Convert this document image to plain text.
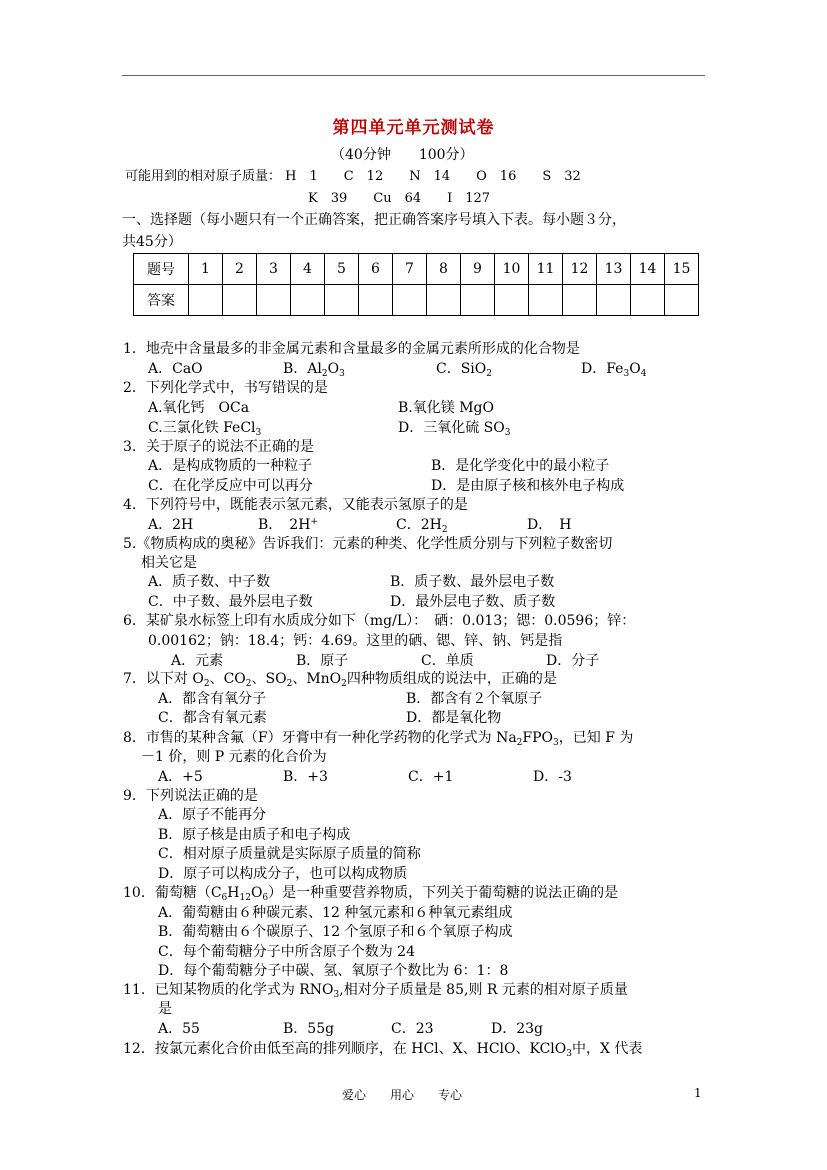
第四单元单元测试卷
（40分钟　　100分）
可能用到的相对原子质量： H　1　　C　12　　N　14　　O　16　　S　32
K　39　　Cu　64　　I　127
一、选择题（每小题只有一个正确答案，把正确答案序号填入下表。每小题３分，
共45分）
题号	1	2	3	4	5	6	7	8	9	10	11	12	13	14	15
答案															
1．地壳中含量最多的非金属元素和含量最多的金属元素所形成的化合物是
A．CaO	B．$Al_2O_3$	C．SiO$_2$	D．$Fe_3O_4$
2．下列化学式中，书写错误的是
A.氧化钙　OCa	B.氧化镁 MgO
C.三氯化铁 FeCl$_3$	D．三氧化硫 $SO_3$
3．关于原子的说法不正确的是
A．是构成物质的一种粒子	B．是化学变化中的最小粒子
C．在化学反应中可以再分	D．是由原子核和核外电子构成
4．下列符号中，既能表示氢元素，又能表示氢原子的是
A．2H	B．　2H+	C．$2H_2$	D．　H
5.《物质构成的奥秘》告诉我们：元素的种类、化学性质分别与下列粒子数密切
相关它是
A．质子数、中子数	B．质子数、最外层电子数
C．中子数、最外层电子数	D．最外层电子数、质子数
6．某矿泉水标签上印有水质成分如下（mg/L）：　硒：0.013；锶：0.0596；锌：
0.00162；钠：18.4；钙：4.69。这里的硒、锶、锌、钠、钙是指
A．元素	B．原子	C．单质	D．分子
7．以下对 $O_2$、$CO_2$、$SO_2$、MnO$_2$四种物质组成的说法中，正确的是
A．都含有氧分子	B．都含有２个氧原子
C．都含有氧元素	D．都是氧化物
8．市售的某种含氟（F）牙膏中有一种化学药物的化学式为 $Na_2FPO_3$，已知 F 为
－1 价，则 P 元素的化合价为
A．+5	B．+3	C．+1	D．-3
9．下列说法正确的是
A．原子不能再分
B．原子核是由质子和电子构成
C．相对原子质量就是实际原子质量的简称
D．原子可以构成分子，也可以构成物质
10．葡萄糖$(C_6H_{12}O_6)$是一种重要营养物质，下列关于葡萄糖的说法正确的是
A．葡萄糖由６种碳元素、12 种氢元素和６种氧元素组成
B．葡萄糖由６个碳原子、12 个氢原子和６个氧原子构成
C．每个葡萄糖分子中所含原子个数为 24
D．每个葡萄糖分子中碳、氢、氧原子个数比为 6：1：8
11．已知某物质的化学式为 $RNO_3$,相对分子质量是 85,则 R 元素的相对原子质量
是
A．55	B．55g	C．23	D．23g
12．按氯元素化合价由低至高的排列顺序，在 HCl、X、HClO、KClO$_3$中，X 代表
爱心　　用心　　专心	1
